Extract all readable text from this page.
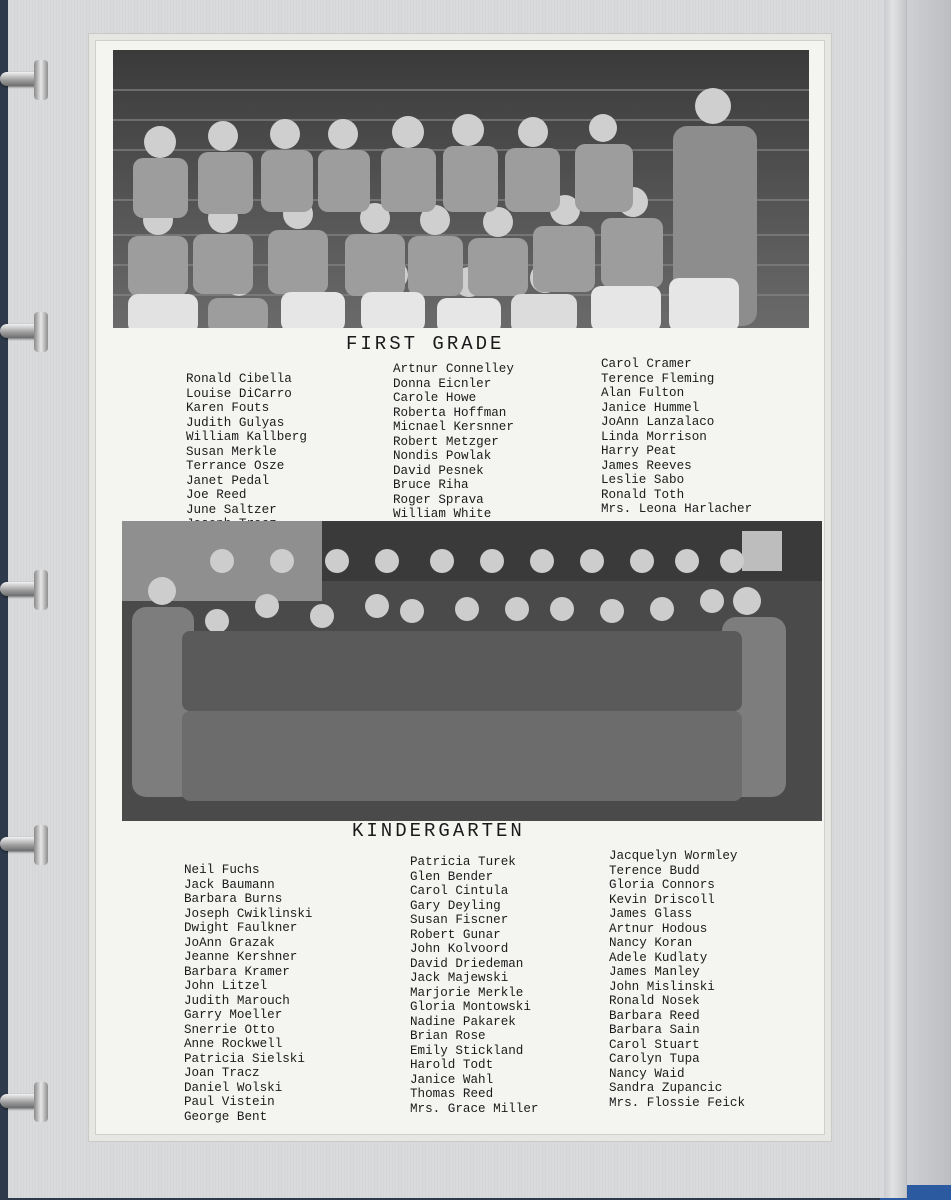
FIRST GRADE
Ronald Cibella
Louise DiCarro
Karen Fouts
Judith Gulyas
William Kallberg
Susan Merkle
Terrance Osze
Janet Pedal
Joe Reed
June Saltzer
Artnur Connelley
Donna Eicnler
Carole Howe
Roberta Hoffman
Micnael Kersnner
Robert Metzger
Nondis Powlak
David Pesnek
Bruce Riha
Roger Sprava
William White
Carol Cramer
Terence Fleming
Alan Fulton
Janice Hummel
JoAnn Lanzalaco
Linda Morrison
Harry Peat
James Reeves
Leslie Sabo
Ronald Toth
Mrs. Leona Harlacher
KINDERGARTEN
Neil Fuchs
Jack Baumann
Barbara Burns
Joseph Cwiklinski
Dwight Faulkner
JoAnn Grazak
Jeanne Kershner
Barbara Kramer
John Litzel
Judith Marouch
Garry Moeller
Snerrie Otto
Anne Rockwell
Patricia Sielski
Joan Tracz
Daniel Wolski
Paul Vistein
George Bent
Patricia Turek
Glen Bender
Carol Cintula
Gary Deyling
Susan Fiscner
Robert Gunar
John Kolvoord
David Driedeman
Jack Majewski
Marjorie Merkle
Gloria Montowski
Nadine Pakarek
Brian Rose
Emily Stickland
Harold Todt
Janice Wahl
Thomas Reed
Mrs. Grace Miller
Jacquelyn Wormley
Terence Budd
Gloria Connors
Kevin Driscoll
James Glass
Artnur Hodous
Nancy Koran
Adele Kudlaty
James Manley
John Mislinski
Ronald Nosek
Barbara Reed
Barbara Sain
Carol Stuart
Carolyn Tupa
Nancy Waid
Sandra Zupancic
Mrs. Flossie Feick
